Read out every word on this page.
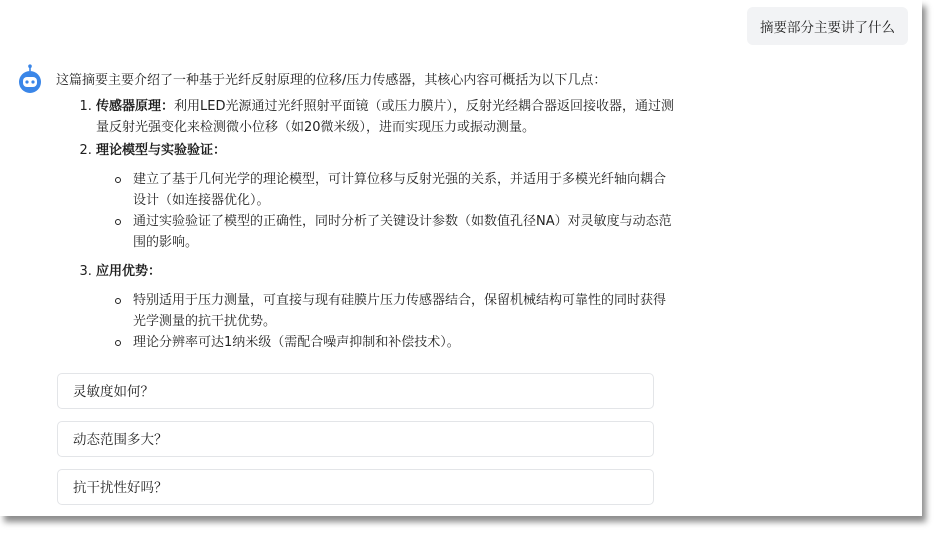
摘要部分主要讲了什么

这篇摘要主要介绍了一种基于光纤反射原理的位移/压力传感器，其核心内容可概括为以下几点：

1. 传感器原理：利用LED光源通过光纤照射平面镜（或压力膜片），反射光经耦合器返回接收器，通过测量反射光强变化来检测微小位移（如20微米级），进而实现压力或振动测量。
2. 理论模型与实验验证：
建立了基于几何光学的理论模型，可计算位移与反射光强的关系，并适用于多模光纤轴向耦合设计（如连接器优化）。
通过实验验证了模型的正确性，同时分析了关键设计参数（如数值孔径NA）对灵敏度与动态范围的影响。
3. 应用优势：
特别适用于压力测量，可直接与现有硅膜片压力传感器结合，保留机械结构可靠性的同时获得光学测量的抗干扰优势。
理论分辨率可达1纳米级（需配合噪声抑制和补偿技术）。
灵敏度如何？
动态范围多大？
抗干扰性好吗？
